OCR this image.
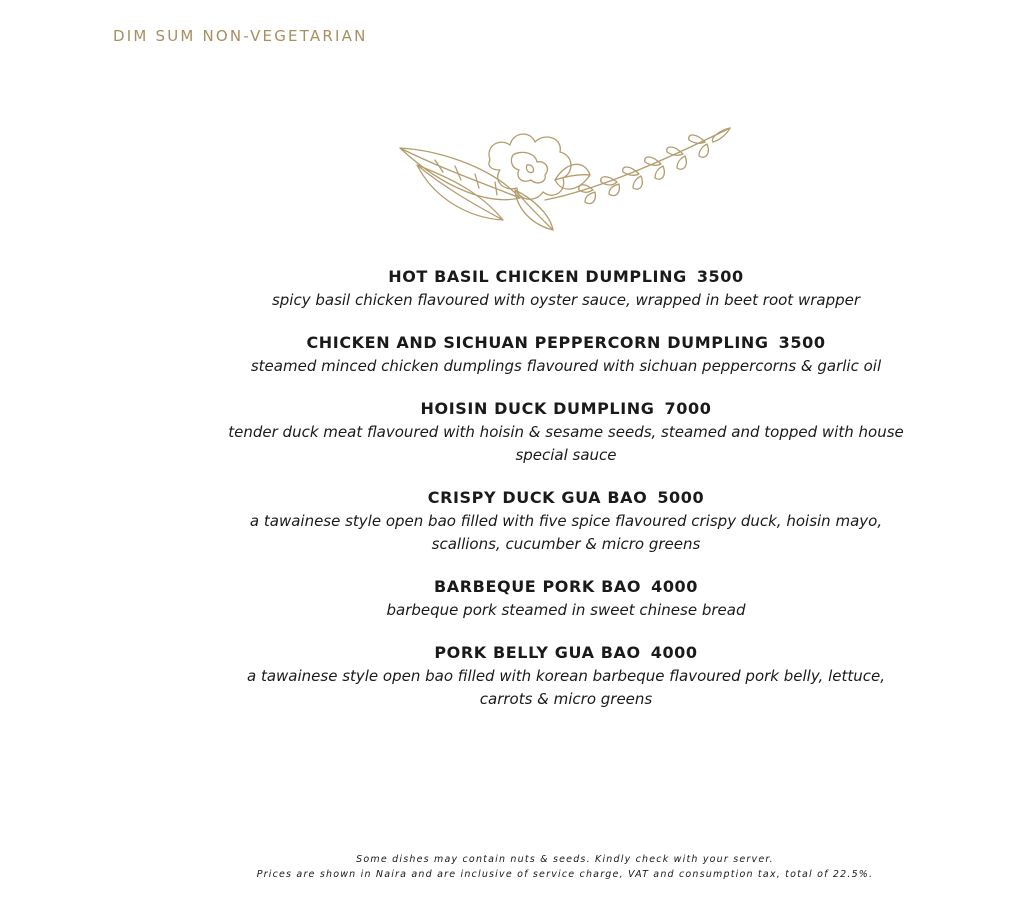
DIM SUM NON-VEGETARIAN
HOT BASIL CHICKEN DUMPLING 3500
spicy basil chicken flavoured with oyster sauce, wrapped in beet root wrapper
CHICKEN AND SICHUAN PEPPERCORN DUMPLING 3500
steamed minced chicken dumplings flavoured with sichuan peppercorns & garlic oil
HOISIN DUCK DUMPLING 7000
tender duck meat flavoured with hoisin & sesame seeds, steamed and topped with house special sauce
CRISPY DUCK GUA BAO 5000
a tawainese style open bao filled with five spice flavoured crispy duck, hoisin mayo, scallions, cucumber & micro greens
BARBEQUE PORK BAO 4000
barbeque pork steamed in sweet chinese bread
PORK BELLY GUA BAO 4000
a tawainese style open bao filled with korean barbeque flavoured pork belly, lettuce, carrots & micro greens
Some dishes may contain nuts & seeds. Kindly check with your server.
Prices are shown in Naira and are inclusive of service charge, VAT and consumption tax, total of 22.5%.
